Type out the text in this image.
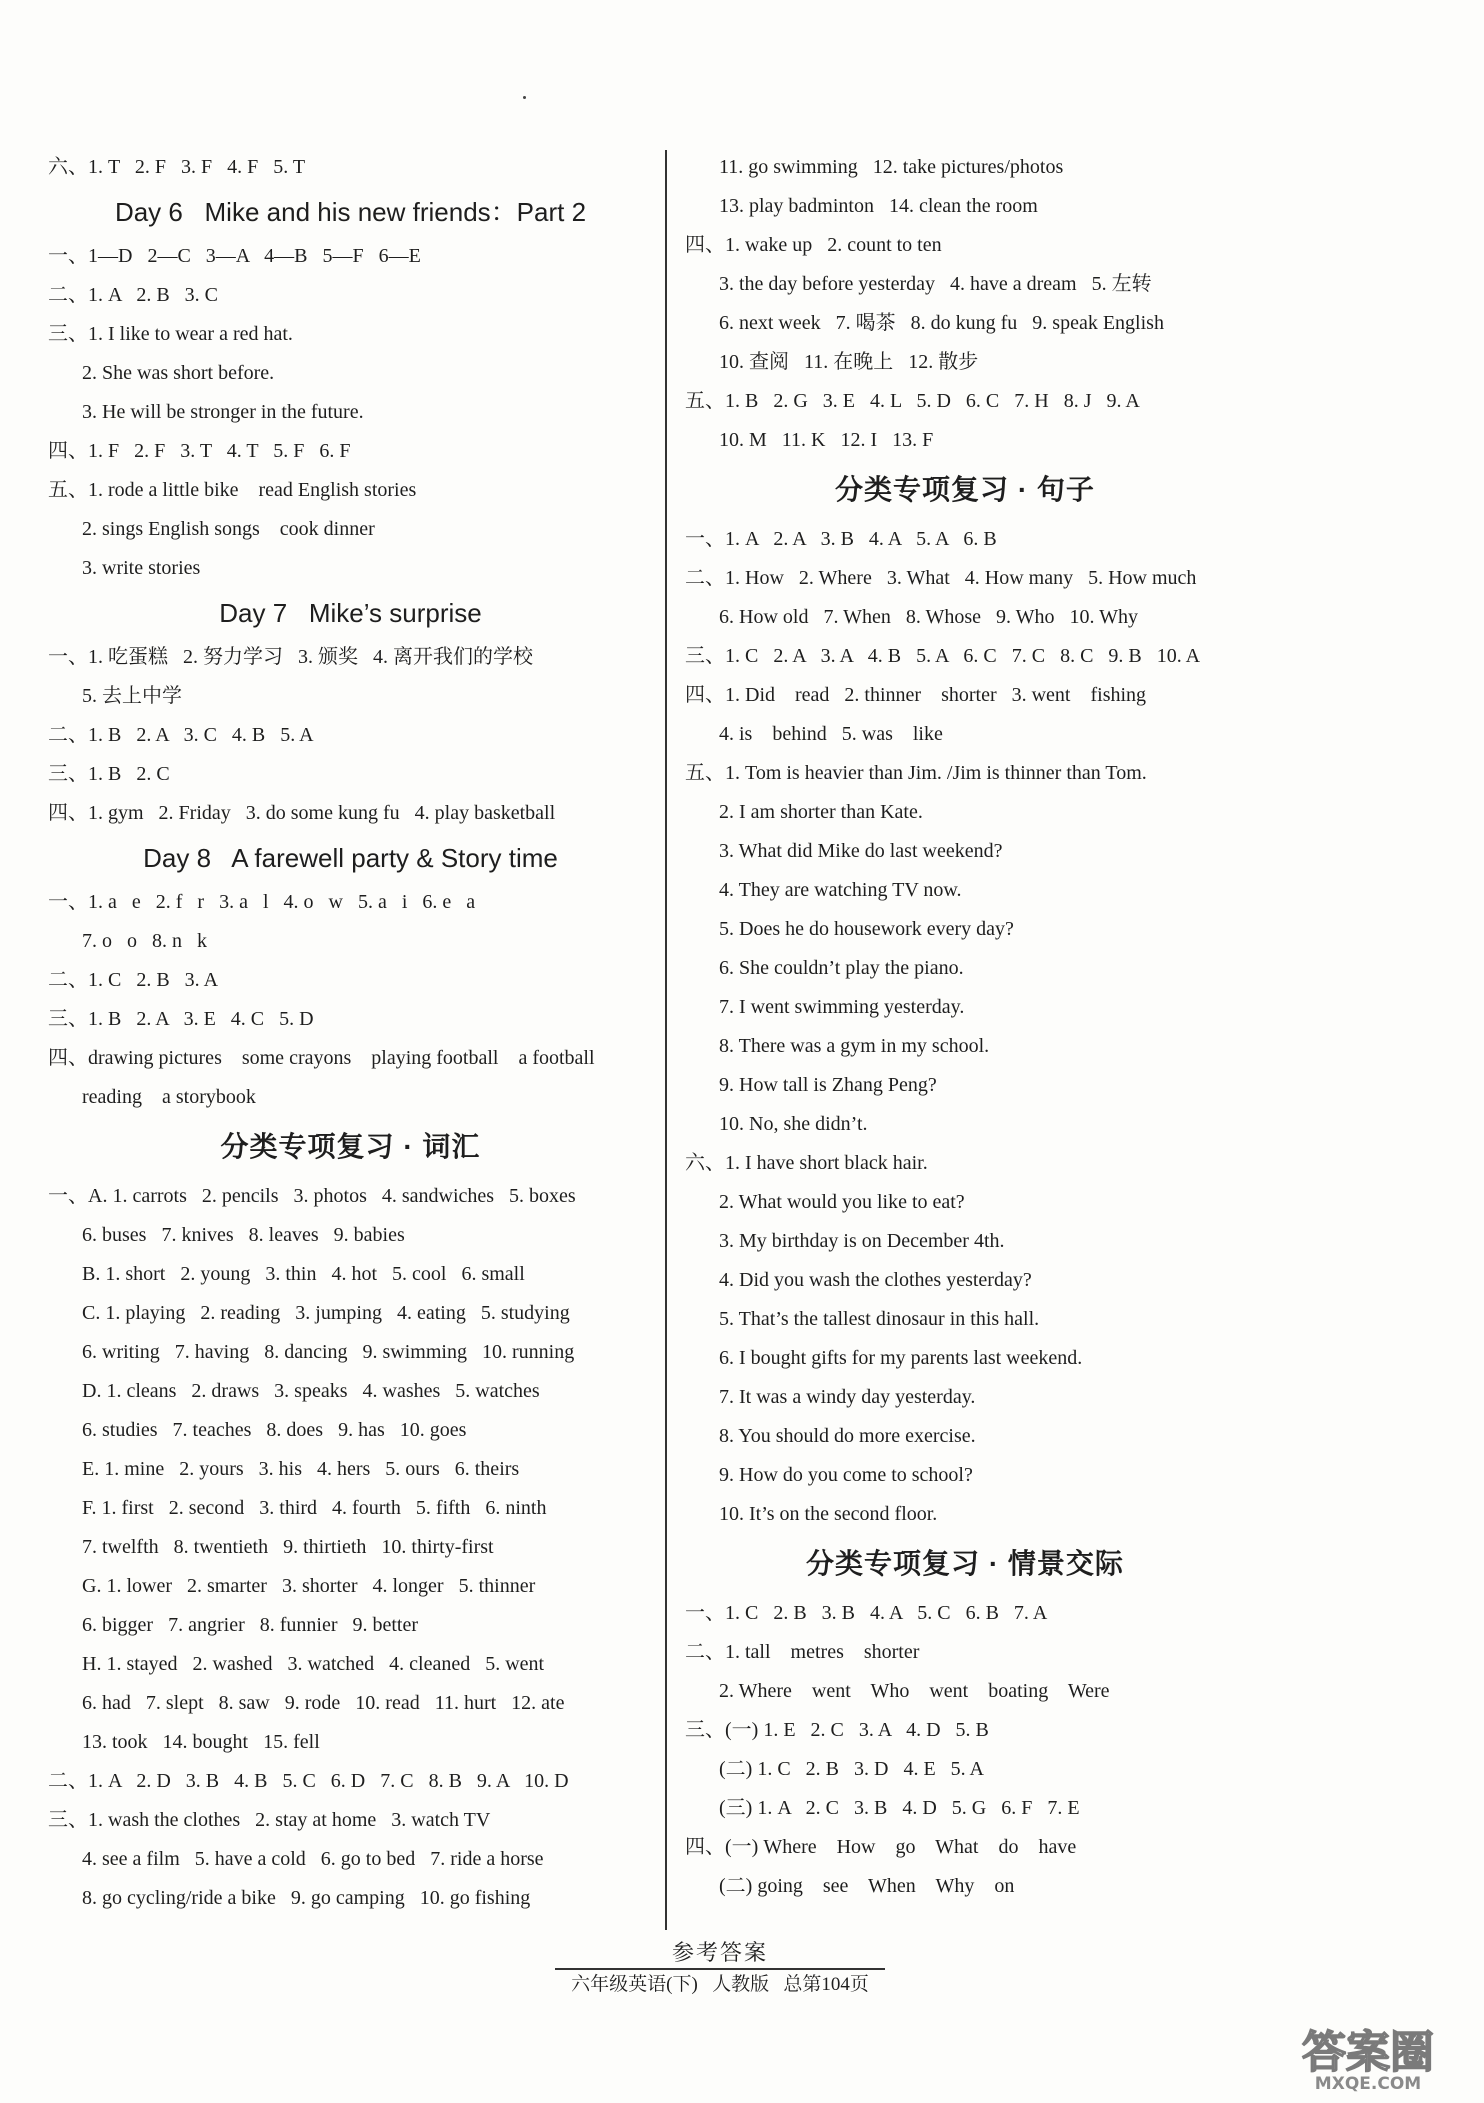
六、1. T   2. F   3. F   4. F   5. T
Day 6   Mike and his new friends：Part 2
一、1—D   2—C   3—A   4—B   5—F   6—E
二、1. A   2. B   3. C
三、1. I like to wear a red hat.
2. She was short before.
3. He will be stronger in the future.
四、1. F   2. F   3. T   4. T   5. F   6. F
五、1. rode a little bike    read English stories
2. sings English songs    cook dinner
3. write stories
Day 7   Mike’s surprise
一、1. 吃蛋糕   2. 努力学习   3. 颁奖   4. 离开我们的学校
5. 去上中学
二、1. B   2. A   3. C   4. B   5. A
三、1. B   2. C
四、1. gym   2. Friday   3. do some kung fu   4. play basketball
Day 8   A farewell party & Story time
一、1. a   e   2. f   r   3. a   l   4. o   w   5. a   i   6. e   a
7. o   o   8. n   k
二、1. C   2. B   3. A
三、1. B   2. A   3. E   4. C   5. D
四、drawing pictures    some crayons    playing football    a football
reading    a storybook
分类专项复习 · 词汇
一、A. 1. carrots   2. pencils   3. photos   4. sandwiches   5. boxes
6. buses   7. knives   8. leaves   9. babies
B. 1. short   2. young   3. thin   4. hot   5. cool   6. small
C. 1. playing   2. reading   3. jumping   4. eating   5. studying
6. writing   7. having   8. dancing   9. swimming   10. running
D. 1. cleans   2. draws   3. speaks   4. washes   5. watches
6. studies   7. teaches   8. does   9. has   10. goes
E. 1. mine   2. yours   3. his   4. hers   5. ours   6. theirs
F. 1. first   2. second   3. third   4. fourth   5. fifth   6. ninth
7. twelfth   8. twentieth   9. thirtieth   10. thirty-first
G. 1. lower   2. smarter   3. shorter   4. longer   5. thinner
6. bigger   7. angrier   8. funnier   9. better
H. 1. stayed   2. washed   3. watched   4. cleaned   5. went
6. had   7. slept   8. saw   9. rode   10. read   11. hurt   12. ate
13. took   14. bought   15. fell
二、1. A   2. D   3. B   4. B   5. C   6. D   7. C   8. B   9. A   10. D
三、1. wash the clothes   2. stay at home   3. watch TV
4. see a film   5. have a cold   6. go to bed   7. ride a horse
8. go cycling/ride a bike   9. go camping   10. go fishing
11. go swimming   12. take pictures/photos
13. play badminton   14. clean the room
四、1. wake up   2. count to ten
3. the day before yesterday   4. have a dream   5. 左转
6. next week   7. 喝茶   8. do kung fu   9. speak English
10. 查阅   11. 在晚上   12. 散步
五、1. B   2. G   3. E   4. L   5. D   6. C   7. H   8. J   9. A
10. M   11. K   12. I   13. F
分类专项复习 · 句子
一、1. A   2. A   3. B   4. A   5. A   6. B
二、1. How   2. Where   3. What   4. How many   5. How much
6. How old   7. When   8. Whose   9. Who   10. Why
三、1. C   2. A   3. A   4. B   5. A   6. C   7. C   8. C   9. B   10. A
四、1. Did    read   2. thinner    shorter   3. went    fishing
4. is    behind   5. was    like
五、1. Tom is heavier than Jim. /Jim is thinner than Tom.
2. I am shorter than Kate.
3. What did Mike do last weekend?
4. They are watching TV now.
5. Does he do housework every day?
6. She couldn’t play the piano.
7. I went swimming yesterday.
8. There was a gym in my school.
9. How tall is Zhang Peng?
10. No, she didn’t.
六、1. I have short black hair.
2. What would you like to eat?
3. My birthday is on December 4th.
4. Did you wash the clothes yesterday?
5. That’s the tallest dinosaur in this hall.
6. I bought gifts for my parents last weekend.
7. It was a windy day yesterday.
8. You should do more exercise.
9. How do you come to school?
10. It’s on the second floor.
分类专项复习 · 情景交际
一、1. C   2. B   3. B   4. A   5. C   6. B   7. A
二、1. tall    metres    shorter
2. Where    went    Who    went    boating    Were
三、(一) 1. E   2. C   3. A   4. D   5. B
(二) 1. C   2. B   3. D   4. E   5. A
(三) 1. A   2. C   3. B   4. D   5. G   6. F   7. E
四、(一) Where    How    go    What    do    have
(二) going    see    When    Why    on
参考答案
六年级英语(下)   人教版   总第104页
答案圈
MXQE.COM
